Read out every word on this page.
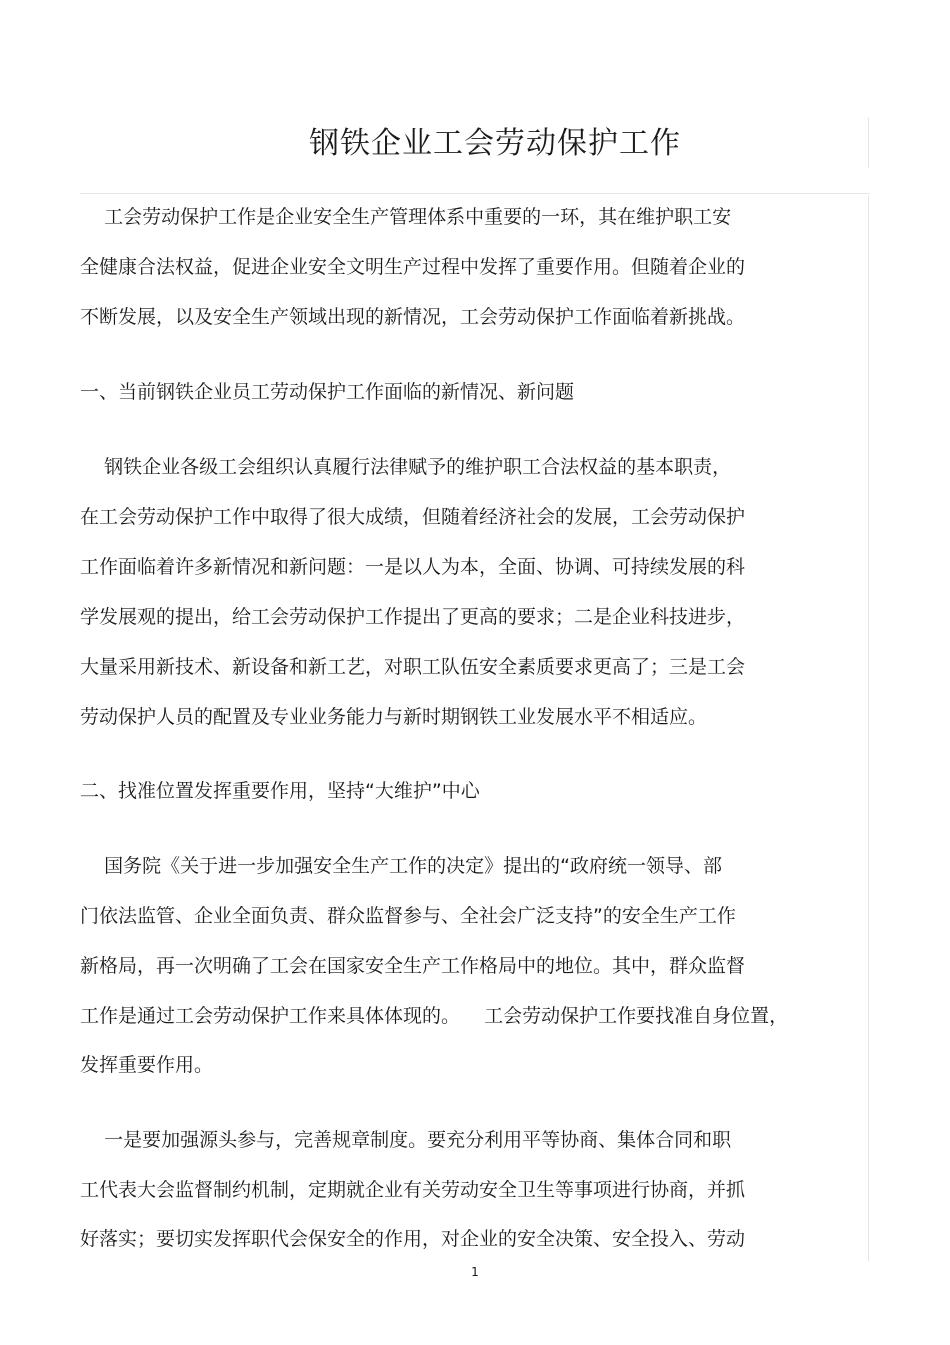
钢铁企业工会劳动保护工作

工会劳动保护工作是企业安全生产管理体系中重要的一环，其在维护职工安

全健康合法权益，促进企业安全文明生产过程中发挥了重要作用。但随着企业的

不断发展，以及安全生产领域出现的新情况，工会劳动保护工作面临着新挑战。

一、当前钢铁企业员工劳动保护工作面临的新情况、新问题

钢铁企业各级工会组织认真履行法律赋予的维护职工合法权益的基本职责，

在工会劳动保护工作中取得了很大成绩，但随着经济社会的发展，工会劳动保护

工作面临着许多新情况和新问题：一是以人为本，全面、协调、可持续发展的科

学发展观的提出，给工会劳动保护工作提出了更高的要求；二是企业科技进步，

大量采用新技术、新设备和新工艺，对职工队伍安全素质要求更高了；三是工会

劳动保护人员的配置及专业业务能力与新时期钢铁工业发展水平不相适应。

二、找准位置发挥重要作用，坚持“大维护”中心

国务院《关于进一步加强安全生产工作的决定》提出的“政府统一领导、部

门依法监管、企业全面负责、群众监督参与、全社会广泛支持”的安全生产工作

新格局，再一次明确了工会在国家安全生产工作格局中的地位。其中，群众监督

工作是通过工会劳动保护工作来具体体现的。    工会劳动保护工作要找准自身位置，

发挥重要作用。

一是要加强源头参与，完善规章制度。要充分利用平等协商、集体合同和职

工代表大会监督制约机制，定期就企业有关劳动安全卫生等事项进行协商，并抓

好落实；要切实发挥职代会保安全的作用，对企业的安全决策、安全投入、劳动

1
